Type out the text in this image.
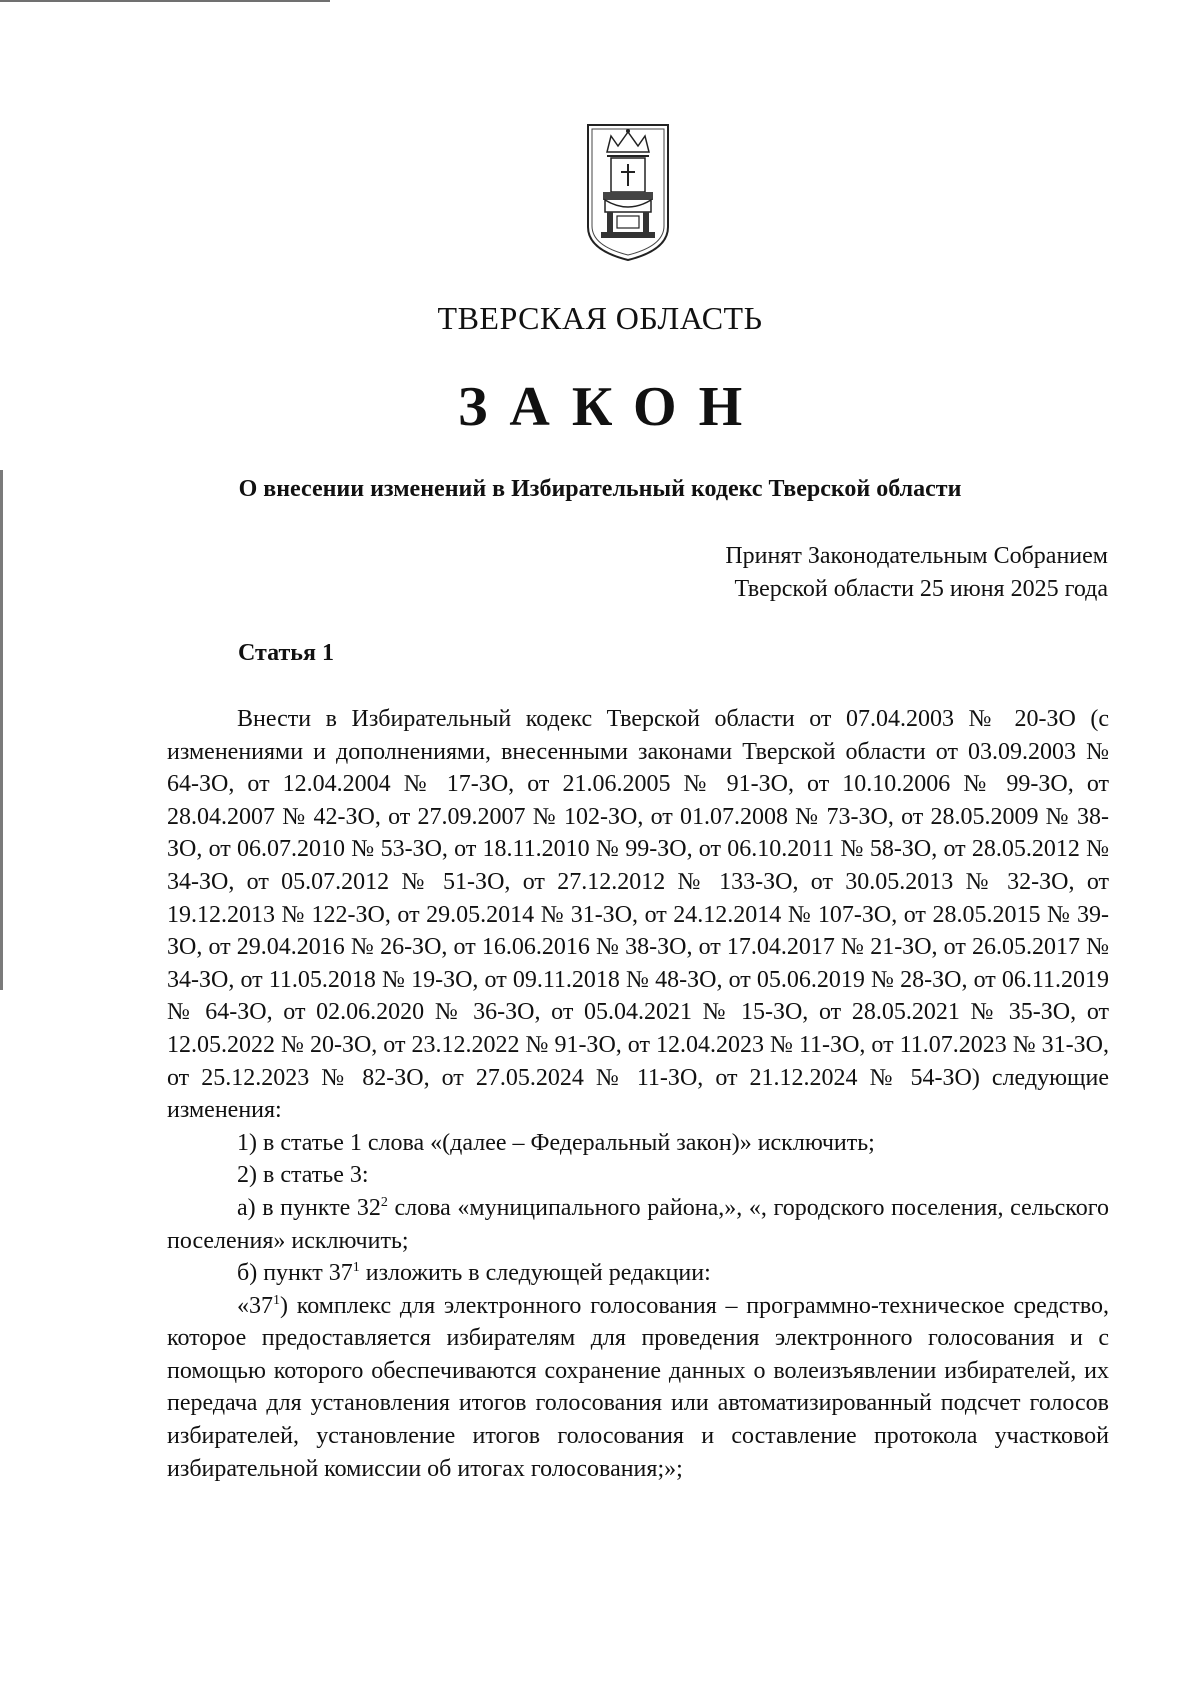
ТВЕРСКАЯ ОБЛАСТЬ
ЗАКОН
О внесении изменений в Избирательный кодекс Тверской области
Принят Законодательным Собранием
Тверской области 25 июня 2025 года
Статья 1

Внести в Избирательный кодекс Тверской области от 07.04.2003 № 20-ЗО (с изменениями и дополнениями, внесенными законами Тверской области от 03.09.2003 № 64-ЗО, от 12.04.2004 № 17-ЗО, от 21.06.2005 № 91-ЗО, от 10.10.2006 № 99-ЗО, от 28.04.2007 № 42-ЗО, от 27.09.2007 № 102-ЗО, от 01.07.2008 № 73-ЗО, от 28.05.2009 № 38-ЗО, от 06.07.2010 № 53-ЗО, от 18.11.2010 № 99-ЗО, от 06.10.2011 № 58-ЗО, от 28.05.2012 № 34-ЗО, от 05.07.2012 № 51-ЗО, от 27.12.2012 № 133-ЗО, от 30.05.2013 № 32-ЗО, от 19.12.2013 № 122-ЗО, от 29.05.2014 № 31-ЗО, от 24.12.2014 № 107-ЗО, от 28.05.2015 № 39-ЗО, от 29.04.2016 № 26-ЗО, от 16.06.2016 № 38-ЗО, от 17.04.2017 № 21-ЗО, от 26.05.2017 № 34-ЗО, от 11.05.2018 № 19-ЗО, от 09.11.2018 № 48-ЗО, от 05.06.2019 № 28-ЗО, от 06.11.2019 № 64-ЗО, от 02.06.2020 № 36-ЗО, от 05.04.2021 № 15-ЗО, от 28.05.2021 № 35-ЗО, от 12.05.2022 № 20-ЗО, от 23.12.2022 № 91-ЗО, от 12.04.2023 № 11-ЗО, от 11.07.2023 № 31-ЗО, от 25.12.2023 № 82-ЗО, от 27.05.2024 № 11-ЗО, от 21.12.2024 № 54-ЗО) следующие изменения:

1) в статье 1 слова «(далее – Федеральный закон)» исключить;

2) в статье 3:

а) в пункте $32^2$ слова «муниципального района,», «, городского поселения, сельского поселения» исключить;

б) пункт $37^1$ изложить в следующей редакции:

«$37^1$) комплекс для электронного голосования – программно-техническое средство, которое предоставляется избирателям для проведения электронного голосования и с помощью которого обеспечиваются сохранение данных о волеизъявлении избирателей, их передача для установления итогов голосования или автоматизированный подсчет голосов избирателей, установление итогов голосования и составление протокола участковой избирательной комиссии об итогах голосования;»;
